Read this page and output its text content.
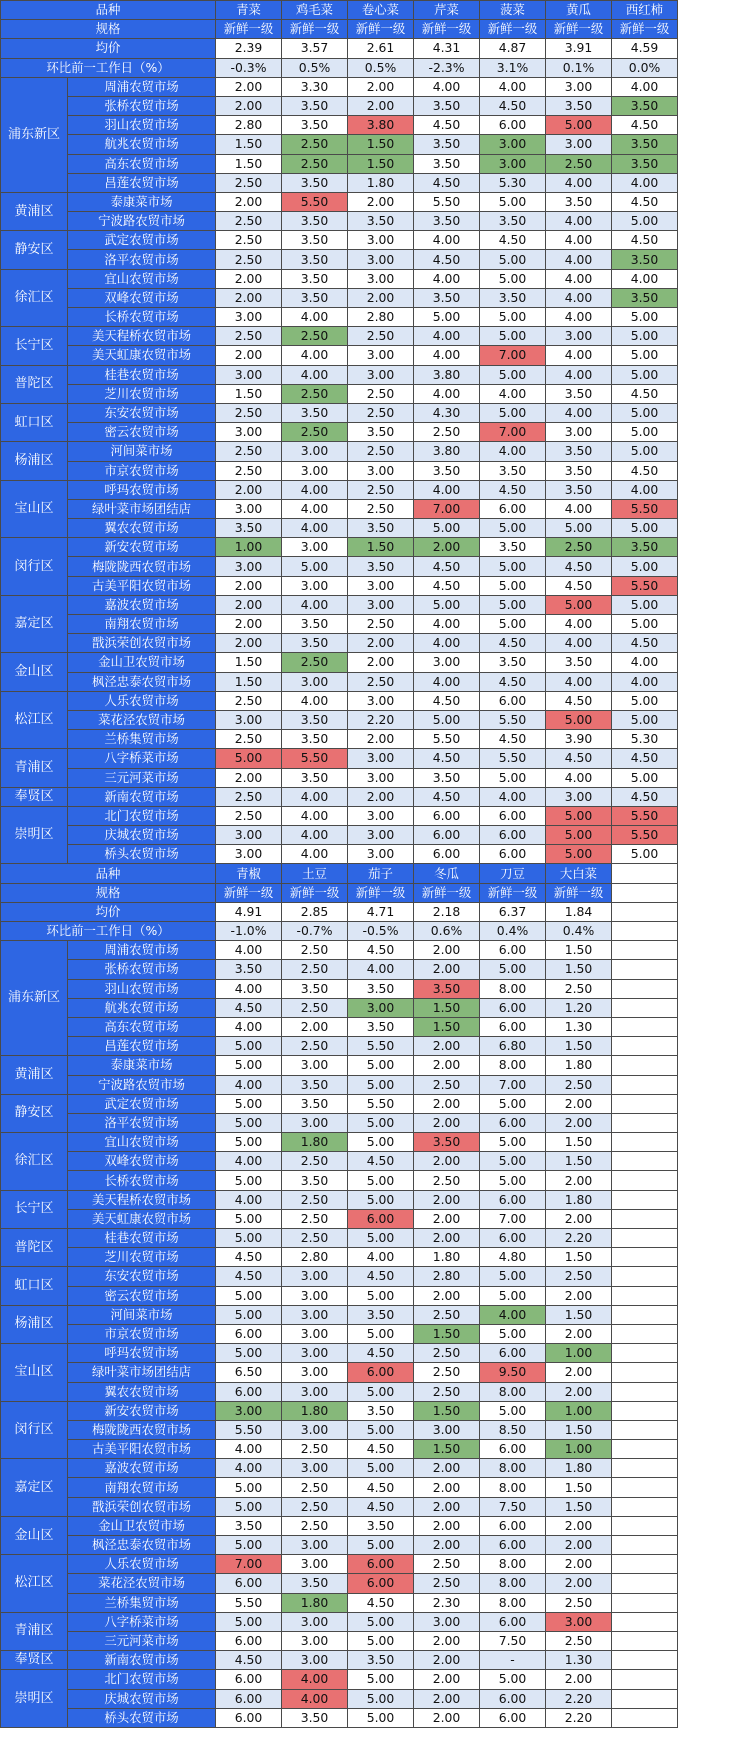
品种		青菜	鸡毛菜	卷心菜	芹菜	菠菜	黄瓜	西红柿
规格		新鲜一级	新鲜一级	新鲜一级	新鲜一级	新鲜一级	新鲜一级	新鲜一级
均价		2.39	3.57	2.61	4.31	4.87	3.91	4.59
环比前一工作日（%）		-0.3%	0.5%	0.5%	-2.3%	3.1%	0.1%	0.0%
浦东新区	周浦农贸市场	2.00	3.30	2.00	4.00	4.00	3.00	4.00
	张桥农贸市场	2.00	3.50	2.00	3.50	4.50	3.50	3.50
	羽山农贸市场	2.80	3.50	3.80	4.50	6.00	5.00	4.50
	航兆农贸市场	1.50	2.50	1.50	3.50	3.00	3.00	3.50
	高东农贸市场	1.50	2.50	1.50	3.50	3.00	2.50	3.50
	昌莲农贸市场	2.50	3.50	1.80	4.50	5.30	4.00	4.00
黄浦区	泰康菜市场	2.00	5.50	2.00	5.50	5.00	3.50	4.50
	宁波路农贸市场	2.50	3.50	3.50	3.50	3.50	4.00	5.00
静安区	武定农贸市场	2.50	3.50	3.00	4.00	4.50	4.00	4.50
	洛平农贸市场	2.50	3.50	3.00	4.50	5.00	4.00	3.50
徐汇区	宜山农贸市场	2.00	3.50	3.00	4.00	5.00	4.00	4.00
	双峰农贸市场	2.00	3.50	2.00	3.50	3.50	4.00	3.50
	长桥农贸市场	3.00	4.00	2.80	5.00	5.00	4.00	5.00
长宁区	美天程桥农贸市场	2.50	2.50	2.50	4.00	5.00	3.00	5.00
	美天虹康农贸市场	2.00	4.00	3.00	4.00	7.00	4.00	5.00
普陀区	桂巷农贸市场	3.00	4.00	3.00	3.80	5.00	4.00	5.00
	芝川农贸市场	1.50	2.50	2.50	4.00	4.00	3.50	4.50
虹口区	东安农贸市场	2.50	3.50	2.50	4.30	5.00	4.00	5.00
	密云农贸市场	3.00	2.50	3.50	2.50	7.00	3.00	5.00
杨浦区	河间菜市场	2.50	3.00	2.50	3.80	4.00	3.50	5.00
	市京农贸市场	2.50	3.00	3.00	3.50	3.50	3.50	4.50
宝山区	呼玛农贸市场	2.00	4.00	2.50	4.00	4.50	3.50	4.00
	绿叶菜市场团结店	3.00	4.00	2.50	7.00	6.00	4.00	5.50
	翼农农贸市场	3.50	4.00	3.50	5.00	5.00	5.00	5.00
闵行区	新安农贸市场	1.00	3.00	1.50	2.00	3.50	2.50	3.50
	梅陇陇西农贸市场	3.00	5.00	3.50	4.50	5.00	4.50	5.00
	古美平阳农贸市场	2.00	3.00	3.00	4.50	5.00	4.50	5.50
嘉定区	嘉波农贸市场	2.00	4.00	3.00	5.00	5.00	5.00	5.00
	南翔农贸市场	2.00	3.50	2.50	4.00	5.00	4.00	5.00
	戬浜荣创农贸市场	2.00	3.50	2.00	4.00	4.50	4.00	4.50
金山区	金山卫农贸市场	1.50	2.50	2.00	3.00	3.50	3.50	4.00
	枫泾忠泰农贸市场	1.50	3.00	2.50	4.00	4.50	4.00	4.00
松江区	人乐农贸市场	2.50	4.00	3.00	4.50	6.00	4.50	5.00
	菜花泾农贸市场	3.00	3.50	2.20	5.00	5.50	5.00	5.00
	兰桥集贸市场	2.50	3.50	2.00	5.50	4.50	3.90	5.30
青浦区	八字桥菜市场	5.00	5.50	3.00	4.50	5.50	4.50	4.50
	三元河菜市场	2.00	3.50	3.00	3.50	5.00	4.00	5.00
奉贤区	新南农贸市场	2.50	4.00	2.00	4.50	4.00	3.00	4.50
崇明区	北门农贸市场	2.50	4.00	3.00	6.00	6.00	5.00	5.50
	庆城农贸市场	3.00	4.00	3.00	6.00	6.00	5.00	5.50
	桥头农贸市场	3.00	4.00	3.00	6.00	6.00	5.00	5.00
品种		青椒	土豆	茄子	冬瓜	刀豆	大白菜	
规格		新鲜一级	新鲜一级	新鲜一级	新鲜一级	新鲜一级	新鲜一级	
均价		4.91	2.85	4.71	2.18	6.37	1.84	
环比前一工作日（%）		-1.0%	-0.7%	-0.5%	0.6%	0.4%	0.4%	
浦东新区	周浦农贸市场	4.00	2.50	4.50	2.00	6.00	1.50	
	张桥农贸市场	3.50	2.50	4.00	2.00	5.00	1.50	
	羽山农贸市场	4.00	3.50	3.50	3.50	8.00	2.50	
	航兆农贸市场	4.50	2.50	3.00	1.50	6.00	1.20	
	高东农贸市场	4.00	2.00	3.50	1.50	6.00	1.30	
	昌莲农贸市场	5.00	2.50	5.50	2.00	6.80	1.50	
黄浦区	泰康菜市场	5.00	3.00	5.00	2.00	8.00	1.80	
	宁波路农贸市场	4.00	3.50	5.00	2.50	7.00	2.50	
静安区	武定农贸市场	5.00	3.50	5.50	2.00	5.00	2.00	
	洛平农贸市场	5.00	3.00	5.00	2.00	6.00	2.00	
徐汇区	宜山农贸市场	5.00	1.80	5.00	3.50	5.00	1.50	
	双峰农贸市场	4.00	2.50	4.50	2.00	5.00	1.50	
	长桥农贸市场	5.00	3.50	5.00	2.50	5.00	2.00	
长宁区	美天程桥农贸市场	4.00	2.50	5.00	2.00	6.00	1.80	
	美天虹康农贸市场	5.00	2.50	6.00	2.00	7.00	2.00	
普陀区	桂巷农贸市场	5.00	2.50	5.00	2.00	6.00	2.20	
	芝川农贸市场	4.50	2.80	4.00	1.80	4.80	1.50	
虹口区	东安农贸市场	4.50	3.00	4.50	2.80	5.00	2.50	
	密云农贸市场	5.00	3.00	5.00	2.00	5.00	2.00	
杨浦区	河间菜市场	5.00	3.00	3.50	2.50	4.00	1.50	
	市京农贸市场	6.00	3.00	5.00	1.50	5.00	2.00	
宝山区	呼玛农贸市场	5.00	3.00	4.50	2.50	6.00	1.00	
	绿叶菜市场团结店	6.50	3.00	6.00	2.50	9.50	2.00	
	翼农农贸市场	6.00	3.00	5.00	2.50	8.00	2.00	
闵行区	新安农贸市场	3.00	1.80	3.50	1.50	5.00	1.00	
	梅陇陇西农贸市场	5.50	3.00	5.00	3.00	8.50	1.50	
	古美平阳农贸市场	4.00	2.50	4.50	1.50	6.00	1.00	
嘉定区	嘉波农贸市场	4.00	3.00	5.00	2.00	8.00	1.80	
	南翔农贸市场	5.00	2.50	4.50	2.00	8.00	1.50	
	戬浜荣创农贸市场	5.00	2.50	4.50	2.00	7.50	1.50	
金山区	金山卫农贸市场	3.50	2.50	3.50	2.00	6.00	2.00	
	枫泾忠泰农贸市场	5.00	3.00	5.00	2.00	6.00	2.00	
松江区	人乐农贸市场	7.00	3.00	6.00	2.50	8.00	2.00	
	菜花泾农贸市场	6.00	3.50	6.00	2.50	8.00	2.00	
	兰桥集贸市场	5.50	1.80	4.50	2.30	8.00	2.50	
青浦区	八字桥菜市场	5.00	3.00	5.00	3.00	6.00	3.00	
	三元河菜市场	6.00	3.00	5.00	2.00	7.50	2.50	
奉贤区	新南农贸市场	4.50	3.00	3.50	2.00	-	1.30	
崇明区	北门农贸市场	6.00	4.00	5.00	2.00	5.00	2.00	
	庆城农贸市场	6.00	4.00	5.00	2.00	6.00	2.20	
	桥头农贸市场	6.00	3.50	5.00	2.00	6.00	2.20	
